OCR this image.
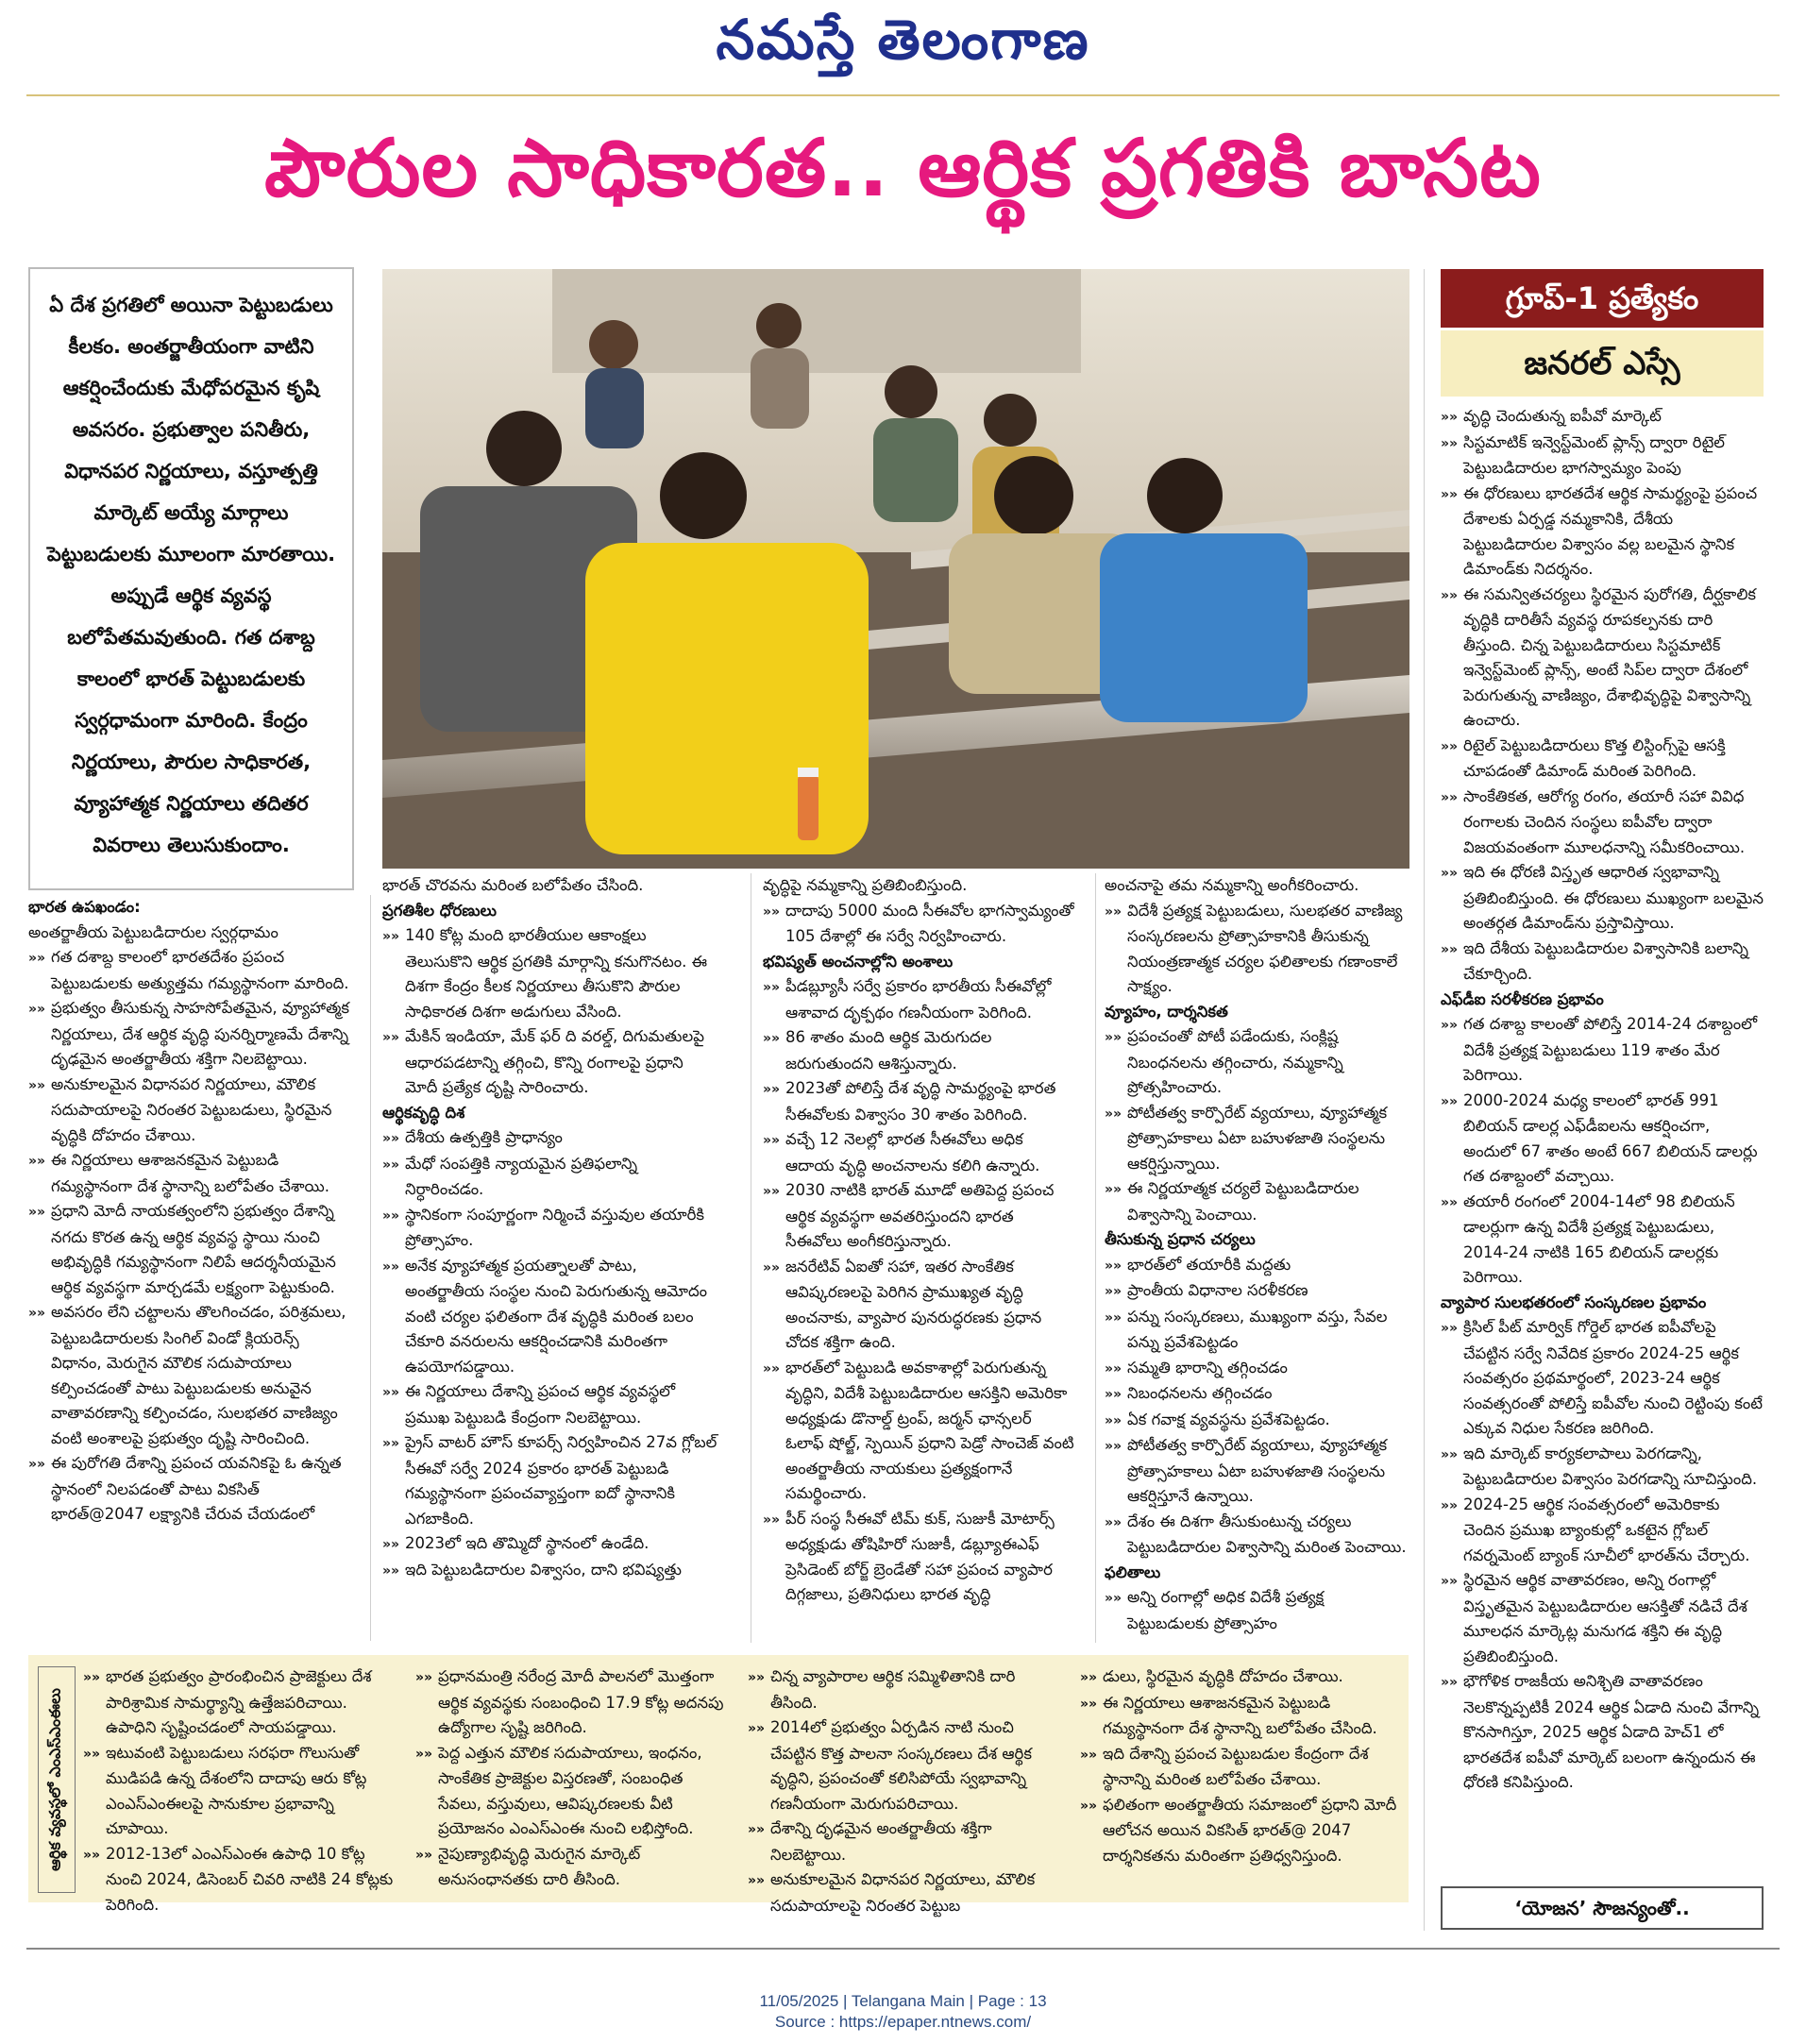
నమస్తే తెలంగాణ
పౌరుల సాధికారత.. ఆర్థిక ప్రగతికి బాసట
ఏ దేశ ప్రగతిలో అయినా పెట్టుబడులు కీలకం. అంతర్జాతీయంగా వాటిని ఆకర్షించేందుకు మేధోపరమైన కృషి అవసరం. ప్రభుత్వాల పనితీరు, విధానపర నిర్ణయాలు, వస్తూత్పత్తి మార్కెట్ అయ్యే మార్గాలు పెట్టుబడులకు మూలంగా మారతాయి. అప్పుడే ఆర్థిక వ్యవస్థ బలోపేతమవుతుంది. గత దశాబ్ద కాలంలో భారత్ పెట్టుబడులకు స్వర్గధామంగా మారింది. కేంద్రం నిర్ణయాలు, పౌరుల సాధికారత, వ్యూహాత్మక నిర్ణయాలు తదితర వివరాలు తెలుసుకుందాం.
గ్రూప్-1 ప్రత్యేకం
జనరల్ ఎస్సే

భారత ఉపఖండం:

అంతర్జాతీయ పెట్టుబడిదారుల స్వర్గధామం

»» గత దశాబ్ద కాలంలో భారతదేశం ప్రపంచ పెట్టుబడులకు అత్యుత్తమ గమ్యస్థానంగా మారింది.

»» ప్రభుత్వం తీసుకున్న సాహసోపేతమైన, వ్యూహాత్మక నిర్ణయాలు, దేశ ఆర్థిక వృద్ధి పునర్నిర్మాణమే దేశాన్ని దృఢమైన అంతర్జాతీయ శక్తిగా నిలబెట్టాయి.

»» అనుకూలమైన విధానపర నిర్ణయాలు, మౌలిక సదుపాయాలపై నిరంతర పెట్టుబడులు, స్థిరమైన వృద్ధికి దోహదం చేశాయి.

»» ఈ నిర్ణయాలు ఆశాజనకమైన పెట్టుబడి గమ్యస్థానంగా దేశ స్థానాన్ని బలోపేతం చేశాయి.

»» ప్రధాని మోదీ నాయకత్వంలోని ప్రభుత్వం దేశాన్ని నగదు కొరత ఉన్న ఆర్థిక వ్యవస్థ స్థాయి నుంచి అభివృద్ధికి గమ్యస్థానంగా నిలిపే ఆదర్శనీయమైన ఆర్థిక వ్యవస్థగా మార్చడమే లక్ష్యంగా పెట్టుకుంది.

»» అవసరం లేని చట్టాలను తొలగించడం, పరిశ్రమలు, పెట్టుబడిదారులకు సింగిల్ విండో క్లియరెన్స్ విధానం, మెరుగైన మౌలిక సదుపాయాలు కల్పించడంతో పాటు పెట్టుబడులకు అనువైన వాతావరణాన్ని కల్పించడం, సులభతర వాణిజ్యం వంటి అంశాలపై ప్రభుత్వం దృష్టి సారించింది.

»» ఈ పురోగతి దేశాన్ని ప్రపంచ యవనికపై ఓ ఉన్నత స్థానంలో నిలపడంతో పాటు వికసిత్ భారత్@2047 లక్ష్యానికి చేరువ చేయడంలో

భారత్ చొరవను మరింత బలోపేతం చేసింది.

ప్రగతిశీల ధోరణులు

»» 140 కోట్ల మంది భారతీయుల ఆకాంక్షలు తెలుసుకొని ఆర్థిక ప్రగతికి మార్గాన్ని కనుగొనటం. ఈ దిశగా కేంద్రం కీలక నిర్ణయాలు తీసుకొని పౌరుల సాధికారత దిశగా అడుగులు వేసింది.

»» మేకిన్ ఇండియా, మేక్ ఫర్ ది వరల్డ్, దిగుమతులపై ఆధారపడటాన్ని తగ్గించి, కొన్ని రంగాలపై ప్రధాని మోదీ ప్రత్యేక దృష్టి సారించారు.

ఆర్థికవృద్ధి దిశ

»» దేశీయ ఉత్పత్తికి ప్రాధాన్యం

»» మేధో సంపత్తికి న్యాయమైన ప్రతిఫలాన్ని నిర్ధారించడం.

»» స్థానికంగా సంపూర్ణంగా నిర్మించే వస్తువుల తయారీకి ప్రోత్సాహం.

»» అనేక వ్యూహాత్మక ప్రయత్నాలతో పాటు, అంతర్జాతీయ సంస్థల నుంచి పెరుగుతున్న ఆమోదం వంటి చర్యల ఫలితంగా దేశ వృద్ధికి మరింత బలం చేకూరి వనరులను ఆకర్షించడానికి మరింతగా ఉపయోగపడ్డాయి.

»» ఈ నిర్ణయాలు దేశాన్ని ప్రపంచ ఆర్థిక వ్యవస్థలో ప్రముఖ పెట్టుబడి కేంద్రంగా నిలబెట్టాయి.

»» ప్రైస్ వాటర్ హౌస్ కూపర్స్ నిర్వహించిన 27వ గ్లోబల్ సీఈవో సర్వే 2024 ప్రకారం భారత్ పెట్టుబడి గమ్యస్థానంగా ప్రపంచవ్యాప్తంగా ఐదో స్థానానికి ఎగబాకింది.

»» 2023లో ఇది తొమ్మిదో స్థానంలో ఉండేది.

»» ఇది పెట్టుబడిదారుల విశ్వాసం, దాని భవిష్యత్తు

వృద్ధిపై నమ్మకాన్ని ప్రతిబింబిస్తుంది.

»» దాదాపు 5000 మంది సీఈవోల భాగస్వామ్యంతో 105 దేశాల్లో ఈ సర్వే నిర్వహించారు.

భవిష్యత్ అంచనాల్లోని అంశాలు

»» పీడబ్ల్యూసీ సర్వే ప్రకారం భారతీయ సీఈవోల్లో ఆశావాద దృక్పథం గణనీయంగా పెరిగింది.

»» 86 శాతం మంది ఆర్థిక మెరుగుదల జరుగుతుందని ఆశిస్తున్నారు.

»» 2023తో పోలిస్తే దేశ వృద్ధి సామర్థ్యంపై భారత సీఈవోలకు విశ్వాసం 30 శాతం పెరిగింది.

»» వచ్చే 12 నెలల్లో భారత సీఈవోలు అధిక ఆదాయ వృద్ధి అంచనాలను కలిగి ఉన్నారు.

»» 2030 నాటికి భారత్ మూడో అతిపెద్ద ప్రపంచ ఆర్థిక వ్యవస్థగా అవతరిస్తుందని భారత సీఈవోలు అంగీకరిస్తున్నారు.

»» జనరేటివ్ ఏఐతో సహా, ఇతర సాంకేతిక ఆవిష్కరణలపై పెరిగిన ప్రాముఖ్యత వృద్ధి అంచనాకు, వ్యాపార పునరుద్ధరణకు ప్రధాన చోదక శక్తిగా ఉంది.

»» భారత్‌లో పెట్టుబడి అవకాశాల్లో పెరుగుతున్న వృద్ధిని, విదేశీ పెట్టుబడిదారుల ఆసక్తిని అమెరికా అధ్యక్షుడు డొనాల్డ్ ట్రంప్, జర్మన్ ఛాన్సలర్ ఓలాఫ్ షోల్జ్, స్పెయిన్ ప్రధాని పెడ్రో సాంచెజ్ వంటి అంతర్జాతీయ నాయకులు ప్రత్యక్షంగానే సమర్థించారు.

»» పీర్ సంస్థ సీఈవో టిమ్ కుక్, సుజుకీ మోటార్స్ అధ్యక్షుడు తోషిహిరో సుజుకీ, డబ్ల్యూఈఎఫ్ ప్రెసిడెంట్ బోర్జ్ బ్రెండేతో సహా ప్రపంచ వ్యాపార దిగ్గజాలు, ప్రతినిధులు భారత వృద్ధి

అంచనాపై తమ నమ్మకాన్ని అంగీకరించారు.

»» విదేశీ ప్రత్యక్ష పెట్టుబడులు, సులభతర వాణిజ్య సంస్కరణలను ప్రోత్సాహకానికి తీసుకున్న నియంత్రణాత్మక చర్యల ఫలితాలకు గణాంకాలే సాక్ష్యం.

వ్యూహం, దార్శనికత

»» ప్రపంచంతో పోటీ పడేందుకు, సంక్లిష్ట నిబంధనలను తగ్గించారు, నమ్మకాన్ని ప్రోత్సహించారు.

»» పోటీతత్వ కార్పొరేట్ వ్యయాలు, వ్యూహాత్మక ప్రోత్సాహకాలు ఏటా బహుళజాతి సంస్థలను ఆకర్షిస్తున్నాయి.

»» ఈ నిర్ణయాత్మక చర్యలే పెట్టుబడిదారుల విశ్వాసాన్ని పెంచాయి.

తీసుకున్న ప్రధాన చర్యలు

»» భారత్‌లో తయారీకి మద్దతు

»» ప్రాంతీయ విధానాల సరళీకరణ

»» పన్ను సంస్కరణలు, ముఖ్యంగా వస్తు, సేవల పన్ను ప్రవేశపెట్టడం

»» సమ్మతి భారాన్ని తగ్గించడం

»» నిబంధనలను తగ్గించడం

»» ఏక గవాక్ష వ్యవస్థను ప్రవేశపెట్టడం.

»» పోటీతత్వ కార్పొరేట్ వ్యయాలు, వ్యూహాత్మక ప్రోత్సాహకాలు ఏటా బహుళజాతి సంస్థలను ఆకర్షిస్తూనే ఉన్నాయి.

»» దేశం ఈ దిశగా తీసుకుంటున్న చర్యలు పెట్టుబడిదారుల విశ్వాసాన్ని మరింత పెంచాయి.

ఫలితాలు

»» అన్ని రంగాల్లో అధిక విదేశీ ప్రత్యక్ష పెట్టుబడులకు ప్రోత్సాహం

»» వృద్ధి చెందుతున్న ఐపీవో మార్కెట్

»» సిస్టమాటిక్ ఇన్వెస్ట్‌మెంట్ ప్లాన్స్ ద్వారా రిటైల్ పెట్టుబడిదారుల భాగస్వామ్యం పెంపు

»» ఈ ధోరణులు భారతదేశ ఆర్థిక సామర్థ్యంపై ప్రపంచ దేశాలకు ఏర్పడ్డ నమ్మకానికి, దేశీయ పెట్టుబడిదారుల విశ్వాసం వల్ల బలమైన స్థానిక డిమాండ్‌కు నిదర్శనం.

»» ఈ సమన్వితచర్యలు స్థిరమైన పురోగతి, దీర్ఘకాలిక వృద్ధికి దారితీసే వ్యవస్థ రూపకల్పనకు దారి తీస్తుంది. చిన్న పెట్టుబడిదారులు సిస్టమాటిక్ ఇన్వెస్ట్‌మెంట్ ప్లాన్స్, అంటే సిప్‌ల ద్వారా దేశంలో పెరుగుతున్న వాణిజ్యం, దేశాభివృద్ధిపై విశ్వాసాన్ని ఉంచారు.

»» రిటైల్ పెట్టుబడిదారులు కొత్త లిస్టింగ్స్‌పై ఆసక్తి చూపడంతో డిమాండ్ మరింత పెరిగింది.

»» సాంకేతికత, ఆరోగ్య రంగం, తయారీ సహా వివిధ రంగాలకు చెందిన సంస్థలు ఐపీవోల ద్వారా విజయవంతంగా మూలధనాన్ని సమీకరించాయి.

»» ఇది ఈ ధోరణి విస్తృత ఆధారిత స్వభావాన్ని ప్రతిబింబిస్తుంది. ఈ ధోరణులు ముఖ్యంగా బలమైన అంతర్గత డిమాండ్‌ను ప్రస్తావిస్తాయి.

»» ఇది దేశీయ పెట్టుబడిదారుల విశ్వాసానికి బలాన్ని చేకూర్చింది.

ఎఫ్‌డీఐ సరళీకరణ ప్రభావం

»» గత దశాబ్ద కాలంతో పోలిస్తే 2014-24 దశాబ్దంలో విదేశీ ప్రత్యక్ష పెట్టుబడులు 119 శాతం మేర పెరిగాయి.

»» 2000-2024 మధ్య కాలంలో భారత్ 991 బిలియన్ డాలర్ల ఎఫ్‌డీఐలను ఆకర్షించగా, అందులో 67 శాతం అంటే 667 బిలియన్ డాలర్లు గత దశాబ్దంలో వచ్చాయి.

»» తయారీ రంగంలో 2004-14లో 98 బిలియన్ డాలర్లుగా ఉన్న విదేశీ ప్రత్యక్ష పెట్టుబడులు, 2014-24 నాటికి 165 బిలియన్ డాలర్లకు పెరిగాయి.

వ్యాపార సులభతరంలో సంస్కరణల ప్రభావం

»» క్రిసిల్ పీట్ మార్విక్ గోర్డెల్ భారత ఐపీవోలపై చేపట్టిన సర్వే నివేదిక ప్రకారం 2024-25 ఆర్థిక సంవత్సరం ప్రథమార్థంలో, 2023-24 ఆర్థిక సంవత్సరంతో పోలిస్తే ఐపీవోల నుంచి రెట్టింపు కంటే ఎక్కువ నిధుల సేకరణ జరిగింది.

»» ఇది మార్కెట్ కార్యకలాపాలు పెరగడాన్ని, పెట్టుబడిదారుల విశ్వాసం పెరగడాన్ని సూచిస్తుంది.

»» 2024-25 ఆర్థిక సంవత్సరంలో అమెరికాకు చెందిన ప్రముఖ బ్యాంకుల్లో ఒకటైన గ్లోబల్ గవర్నమెంట్ బ్యాంక్ సూచీలో భారత్‌ను చేర్చారు.

»» స్థిరమైన ఆర్థిక వాతావరణం, అన్ని రంగాల్లో విస్తృతమైన పెట్టుబడిదారుల ఆసక్తితో నడిచే దేశ మూలధన మార్కెట్ల మనుగడ శక్తిని ఈ వృద్ధి ప్రతిబింబిస్తుంది.

»» భౌగోళిక రాజకీయ అనిశ్చితి వాతావరణం నెలకొన్నప్పటికీ 2024 ఆర్థిక ఏడాది నుంచి వేగాన్ని కొనసాగిస్తూ, 2025 ఆర్థిక ఏడాది హెచ్1 లో భారతదేశ ఐపీవో మార్కెట్ బలంగా ఉన్నందున ఈ ధోరణి కనిపిస్తుంది.

ఆర్థిక వ్యవస్థలో ఎంఎస్ఎంఈలు

»» భారత ప్రభుత్వం ప్రారంభించిన ప్రాజెక్టులు దేశ పారిశ్రామిక సామర్థ్యాన్ని ఉత్తేజపరిచాయి. ఉపాధిని సృష్టించడంలో సాయపడ్డాయి.

»» ఇటువంటి పెట్టుబడులు సరఫరా గొలుసుతో ముడిపడి ఉన్న దేశంలోని దాదాపు ఆరు కోట్ల ఎంఎస్ఎంఈలపై సానుకూల ప్రభావాన్ని చూపాయి.

»» 2012-13లో ఎంఎస్ఎంఈ ఉపాధి 10 కోట్ల నుంచి 2024, డిసెంబర్ చివరి నాటికి 24 కోట్లకు పెరిగింది.

»» ప్రధానమంత్రి నరేంద్ర మోదీ పాలనలో మొత్తంగా ఆర్థిక వ్యవస్థకు సంబంధించి 17.9 కోట్ల అదనపు ఉద్యోగాల సృష్టి జరిగింది.

»» పెద్ద ఎత్తున మౌలిక సదుపాయాలు, ఇంధనం, సాంకేతిక ప్రాజెక్టుల విస్తరణతో, సంబంధిత సేవలు, వస్తువులు, ఆవిష్కరణలకు వీటి ప్రయోజనం ఎంఎస్ఎంఈ నుంచి లభిస్తోంది.

»» నైపుణ్యాభివృద్ధి మెరుగైన మార్కెట్ అనుసంధానతకు దారి తీసింది.

»» చిన్న వ్యాపారాల ఆర్థిక సమ్మిళితానికి దారి తీసింది.

»» 2014లో ప్రభుత్వం ఏర్పడిన నాటి నుంచి చేపట్టిన కొత్త పాలనా సంస్కరణలు దేశ ఆర్థిక వృద్ధిని, ప్రపంచంతో కలిసిపోయే స్వభావాన్ని గణనీయంగా మెరుగుపరిచాయి.

»» దేశాన్ని దృఢమైన అంతర్జాతీయ శక్తిగా నిలబెట్టాయి.

»» అనుకూలమైన విధానపర నిర్ణయాలు, మౌలిక సదుపాయాలపై నిరంతర పెట్టుబ

»» డులు, స్థిరమైన వృద్ధికి దోహదం చేశాయి.

»» ఈ నిర్ణయాలు ఆశాజనకమైన పెట్టుబడి గమ్యస్థానంగా దేశ స్థానాన్ని బలోపేతం చేసింది.

»» ఇది దేశాన్ని ప్రపంచ పెట్టుబడుల కేంద్రంగా దేశ స్థానాన్ని మరింత బలోపేతం చేశాయి.

»» ఫలితంగా అంతర్జాతీయ సమాజంలో ప్రధాని మోదీ ఆలోచన అయిన వికసిత్ భారత్@ 2047 దార్శనికతను మరింతగా ప్రతిధ్వనిస్తుంది.

‘యోజన’ సౌజన్యంతో..
11/05/2025 | Telangana Main | Page : 13
Source : https://epaper.ntnews.com/
